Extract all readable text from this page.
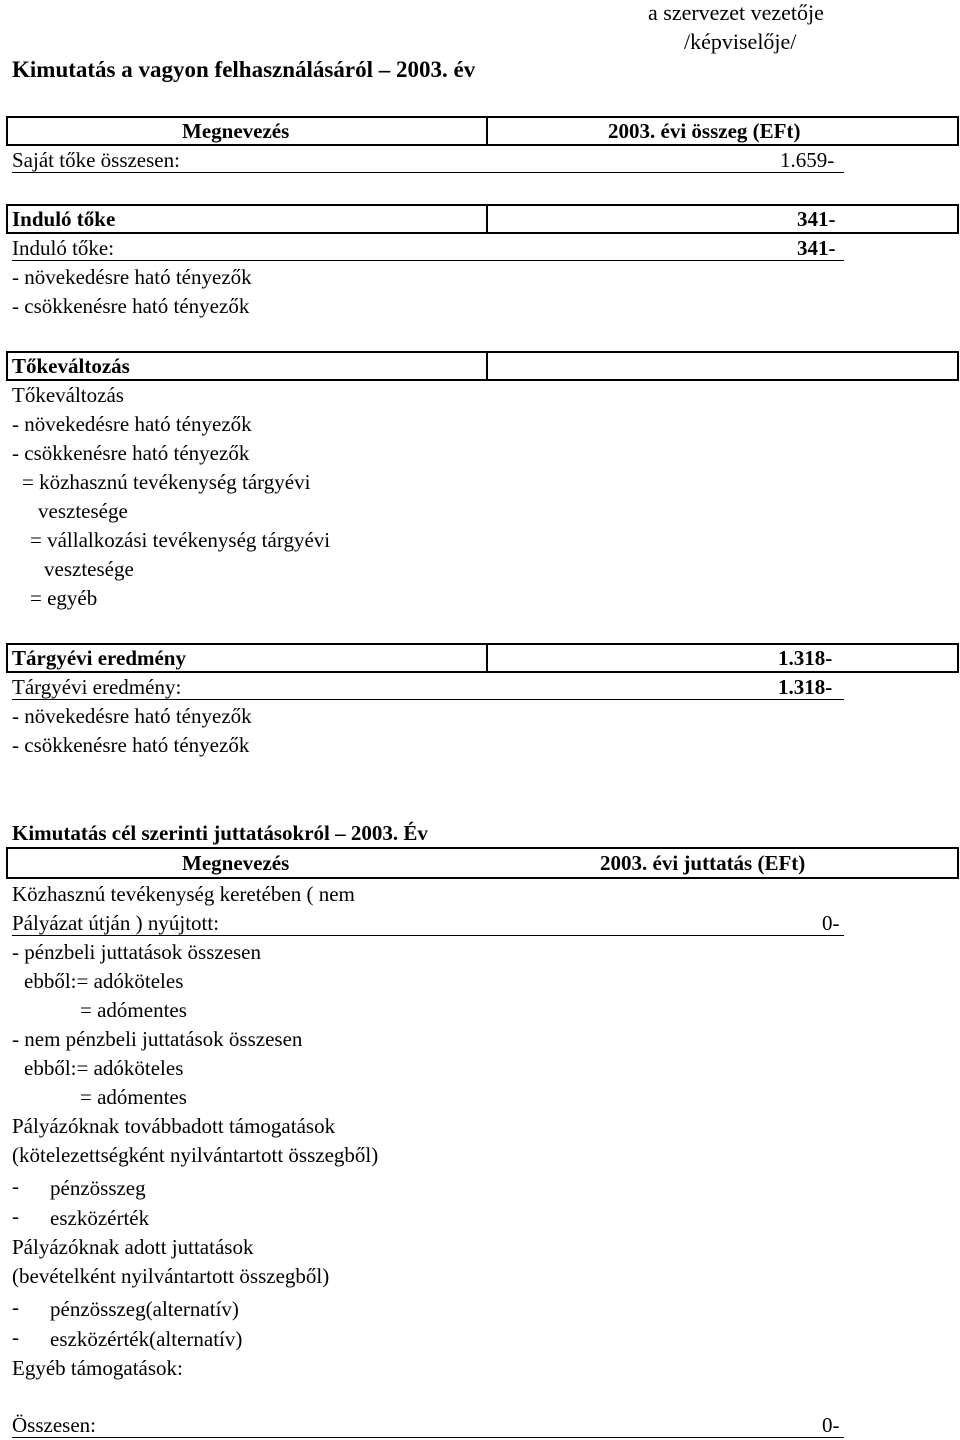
a szervezet vezetője
/képviselője/
Kimutatás a vagyon felhasználásáról – 2003. év
Megnevezés	2003. évi összeg (EFt)
Saját tőke összesen:	1.659-
Induló tőke	341-
Induló tőke:	341-
- növekedésre ható tényezők
- csökkenésre ható tényezők
Tőkeváltozás
Tőkeváltozás
- növekedésre ható tényezők
- csökkenésre ható tényezők
= közhasznú tevékenység tárgyévi
vesztesége
= vállalkozási tevékenység tárgyévi
vesztesége
= egyéb
Tárgyévi eredmény	1.318-
Tárgyévi eredmény:	1.318-
- növekedésre ható tényezők
- csökkenésre ható tényezők
Kimutatás cél szerinti juttatásokról – 2003. Év
Megnevezés	2003. évi juttatás (EFt)
Közhasznú tevékenység keretében ( nem
Pályázat útján ) nyújtott:	0-
- pénzbeli juttatások összesen
ebből:= adóköteles
= adómentes
- nem pénzbeli juttatások összesen
ebből:= adóköteles
= adómentes
Pályázóknak továbbadott támogatások
(kötelezettségként nyilvántartott összegből)
- pénzösszeg
- eszközérték
Pályázóknak adott juttatások
(bevételként nyilvántartott összegből)
- pénzösszeg(alternatív)
- eszközérték(alternatív)
Egyéb támogatások:
Összesen:	0-
